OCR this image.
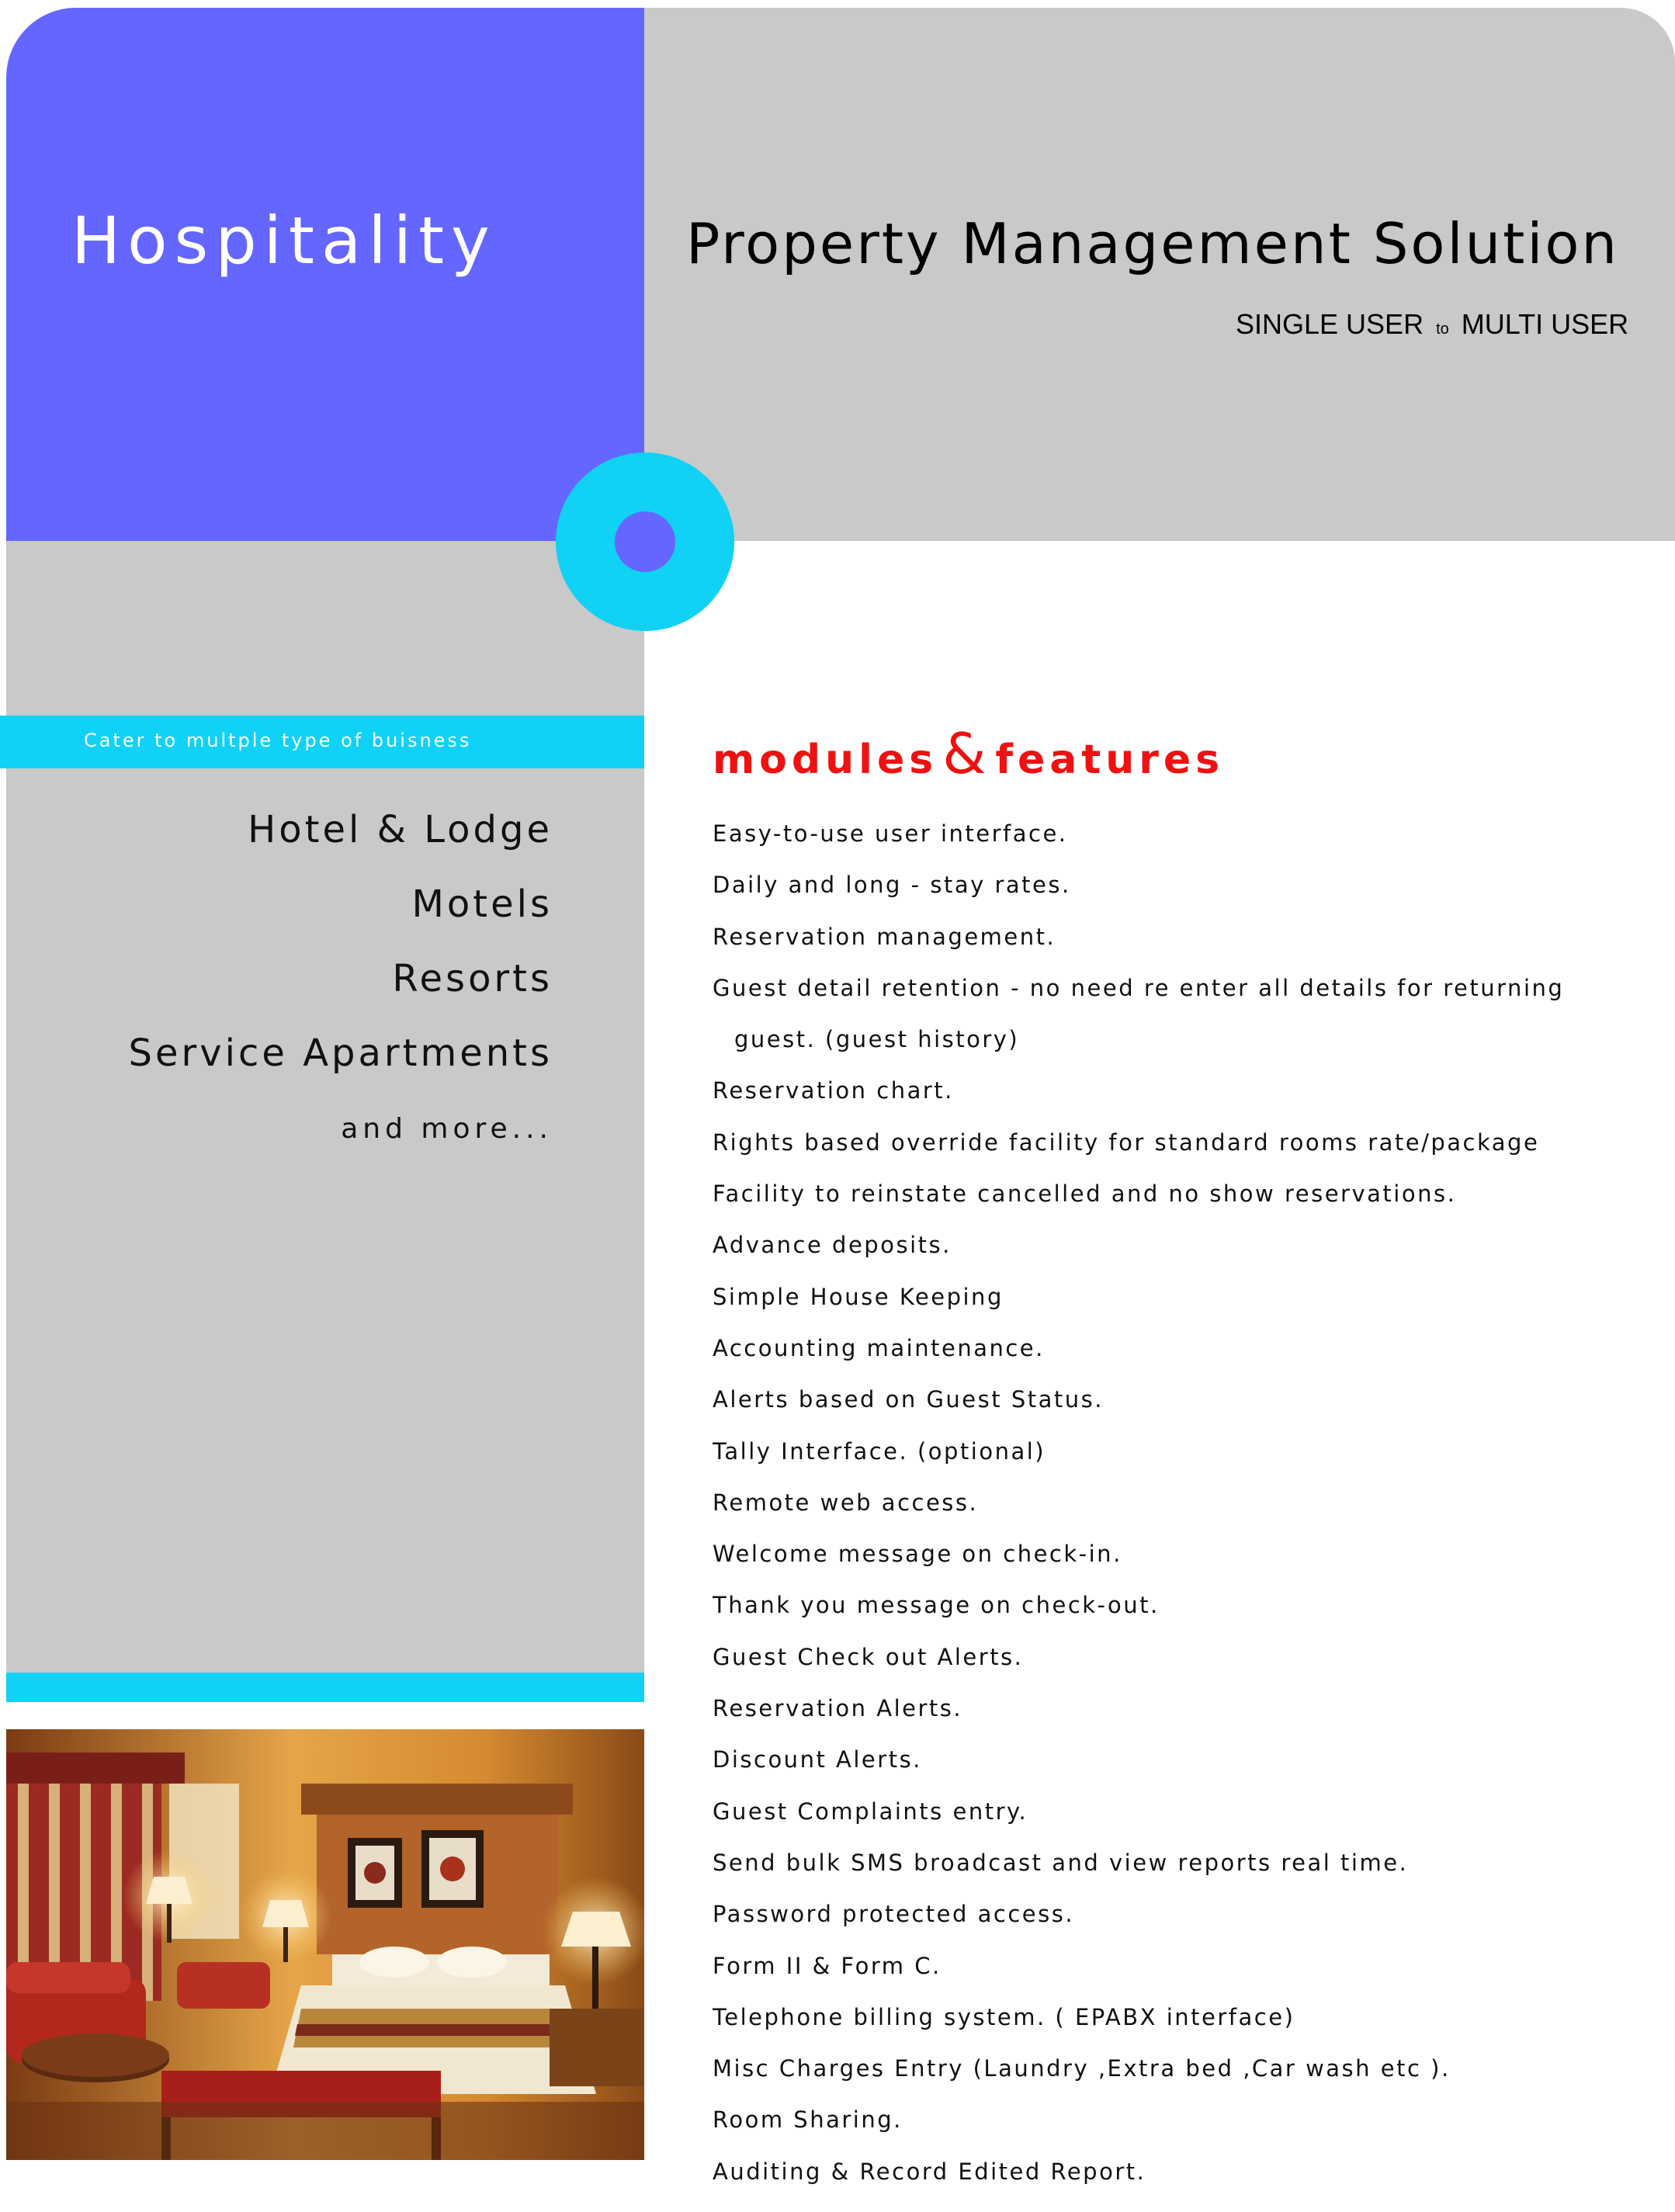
Hospitality	Property Management Solution
SINGLE USER to MULTI USER
Cater to multple type of buisness
Hotel & Lodge
Motels
Resorts
Service Apartments
and more...
modules& features
Easy-to-use user interface.
Daily and long - stay rates.
Reservation management.
Guest detail retention - no need re enter all details for returning
guest. (guest history)
Reservation chart.
Rights based override facility for standard rooms rate/package
Facility to reinstate cancelled and no show reservations.
Advance deposits.
Simple House Keeping
Accounting maintenance.
Alerts based on Guest Status.
Tally Interface. (optional)
Remote web access.
Welcome message on check-in.
Thank you message on check-out.
Guest Check out Alerts.
Reservation Alerts.
Discount Alerts.
Guest Complaints entry.
Send bulk SMS broadcast and view reports real time.
Password protected access.
Form II & Form C.
Telephone billing system. ( EPABX interface)
Misc Charges Entry (Laundry ,Extra bed ,Car wash etc ).
Room Sharing.
Auditing & Record Edited Report.
